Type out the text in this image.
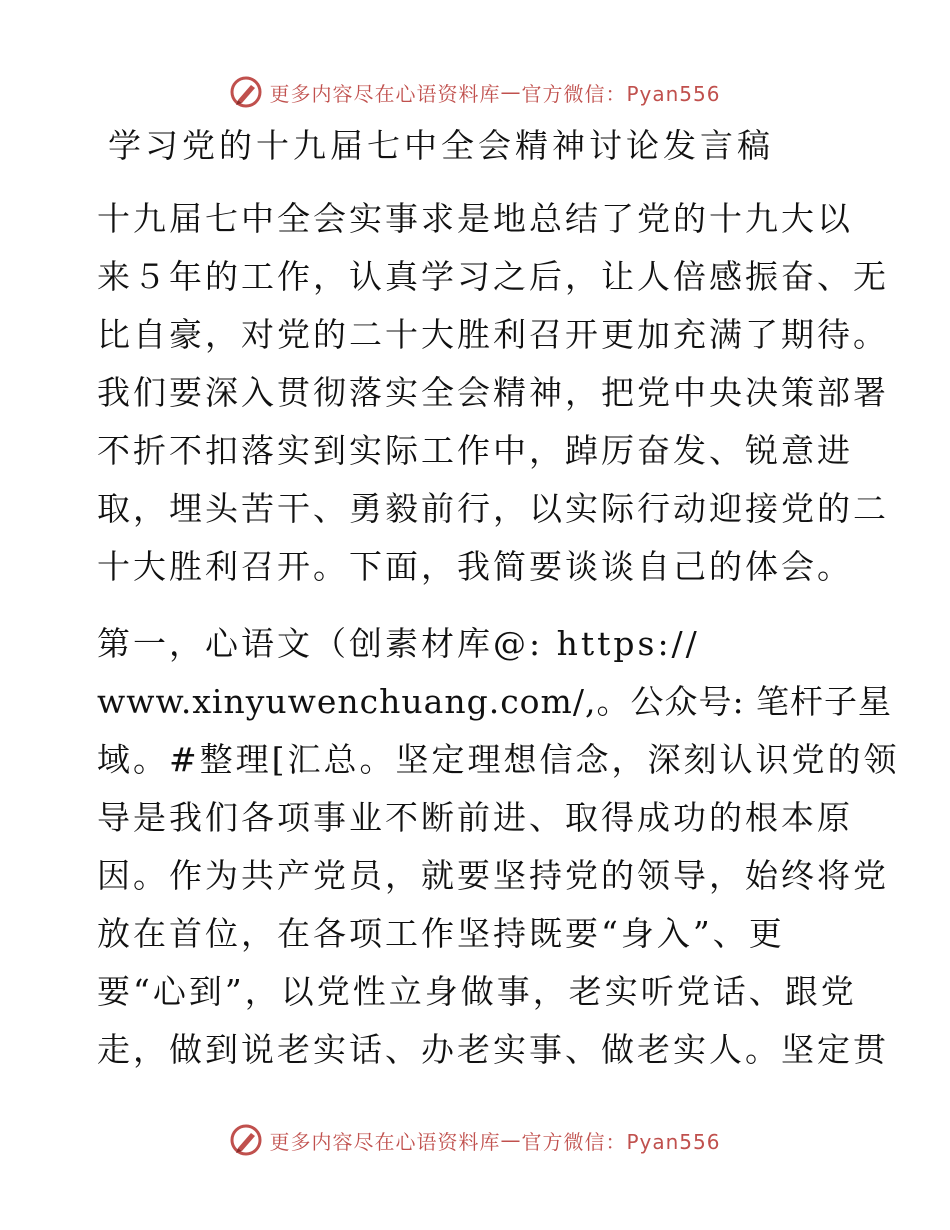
更多内容尽在心语资料库 — 官方微信：Pyan556
学习党的十九届七中全会精神讨论发言稿
十九届七中全会实事求是地总结了党的十九大以
来５年的工作，认真学习之后，让人倍感振奋、无
比自豪，对党的二十大胜利召开更加充满了期待。
我们要深入贯彻落实全会精神，把党中央决策部署
不折不扣落实到实际工作中，踔厉奋发、锐意进
取，埋头苦干、勇毅前行，以实际行动迎接党的二
十大胜利召开。下面，我简要谈谈自己的体会。
第一，心语文（创素材库@: https://
www.xinyuwenchuang.com/,。公众号: 笔杆子星
域。#整理[汇总。坚定理想信念，深刻认识党的领
导是我们各项事业不断前进、取得成功的根本原
因。作为共产党员，就要坚持党的领导，始终将党
放在首位，在各项工作坚持既要“身入”、更
要“心到”，以党性立身做事，老实听党话、跟党
走，做到说老实话、办老实事、做老实人。坚定贯
更多内容尽在心语资料库 — 官方微信：Pyan556
